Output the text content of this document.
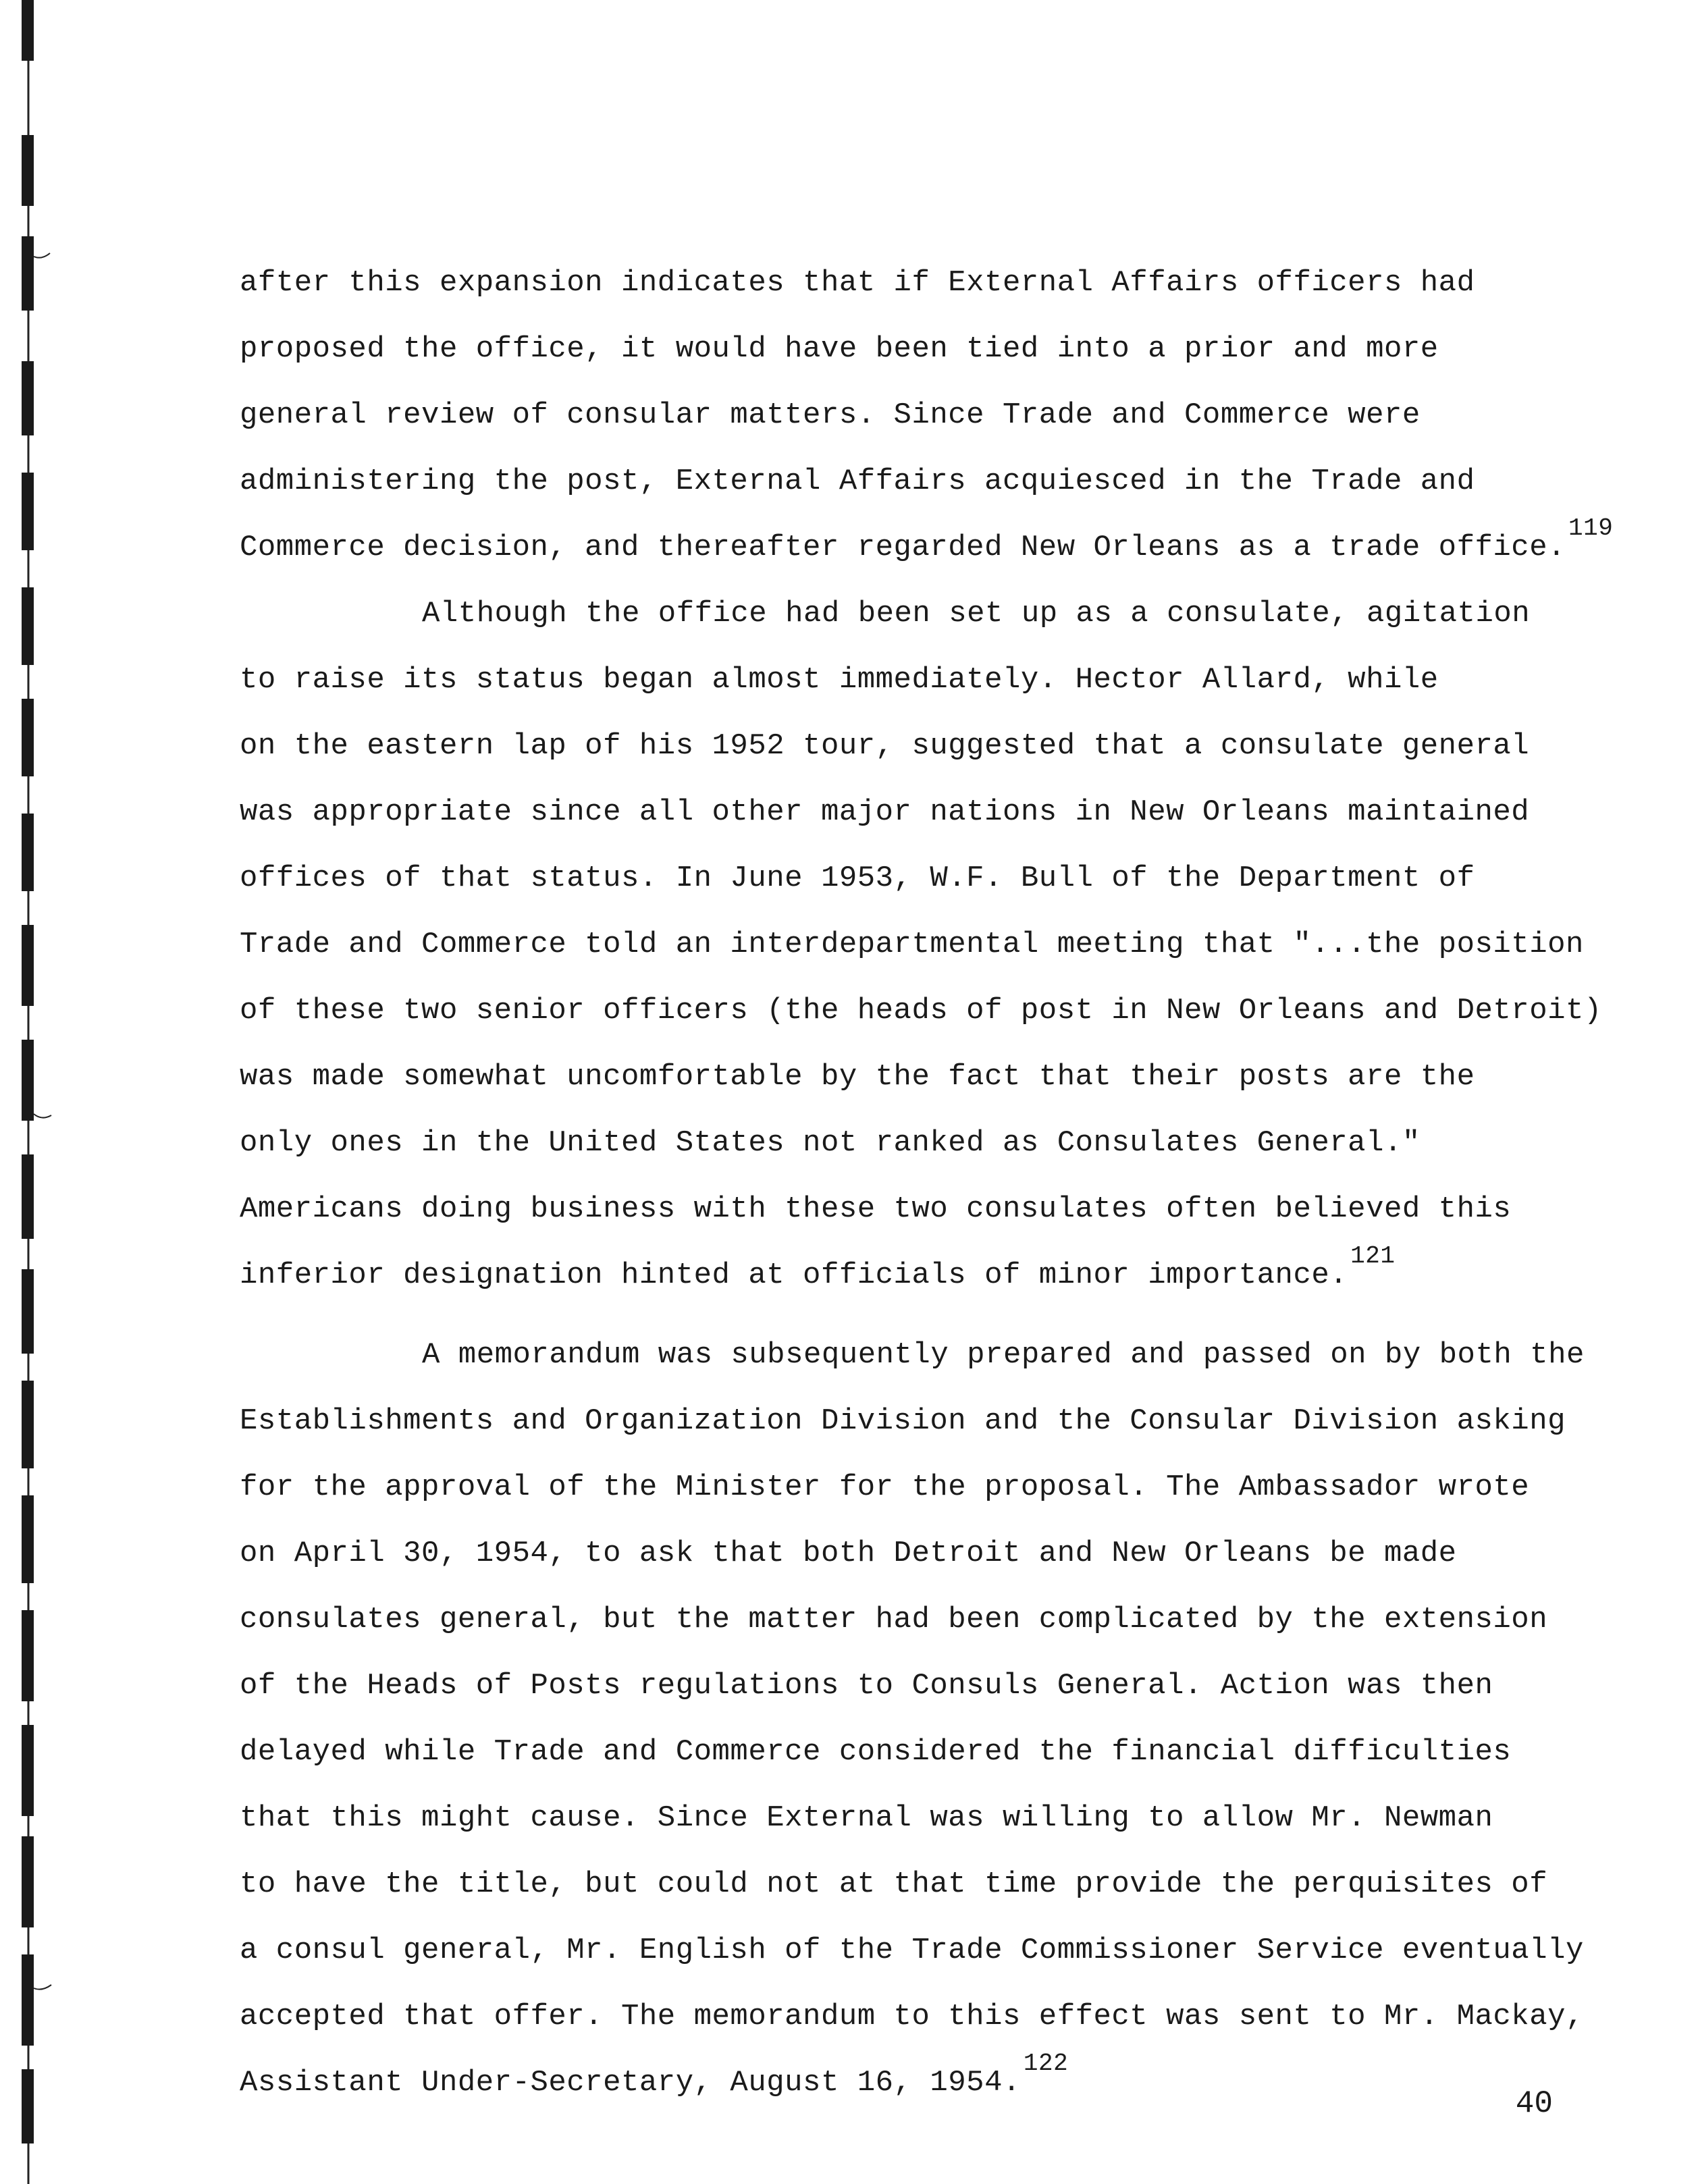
after this expansion indicates that if External Affairs officers had
proposed the office, it would have been tied into a prior and more
general review of consular matters. Since Trade and Commerce were
administering the post, External Affairs acquiesced in the Trade and
Commerce decision, and thereafter regarded New Orleans as a trade office.$^{119}$
Although the office had been set up as a consulate, agitation
to raise its status began almost immediately. Hector Allard, while
on the eastern lap of his 1952 tour, suggested that a consulate general
was appropriate since all other major nations in New Orleans maintained
offices of that status. In June 1953, W.F. Bull of the Department of
Trade and Commerce told an interdepartmental meeting that "...the position
of these two senior officers (the heads of post in New Orleans and Detroit)
was made somewhat uncomfortable by the fact that their posts are the
only ones in the United States not ranked as Consulates General."
Americans doing business with these two consulates often believed this
inferior designation hinted at officials of minor importance.$^{121}$
A memorandum was subsequently prepared and passed on by both the
Establishments and Organization Division and the Consular Division asking
for the approval of the Minister for the proposal. The Ambassador wrote
on April 30, 1954, to ask that both Detroit and New Orleans be made
consulates general, but the matter had been complicated by the extension
of the Heads of Posts regulations to Consuls General. Action was then
delayed while Trade and Commerce considered the financial difficulties
that this might cause. Since External was willing to allow Mr. Newman
to have the title, but could not at that time provide the perquisites of
a consul general, Mr. English of the Trade Commissioner Service eventually
accepted that offer. The memorandum to this effect was sent to Mr. Mackay,
Assistant Under-Secretary, August 16, 1954.$^{122}$
40
